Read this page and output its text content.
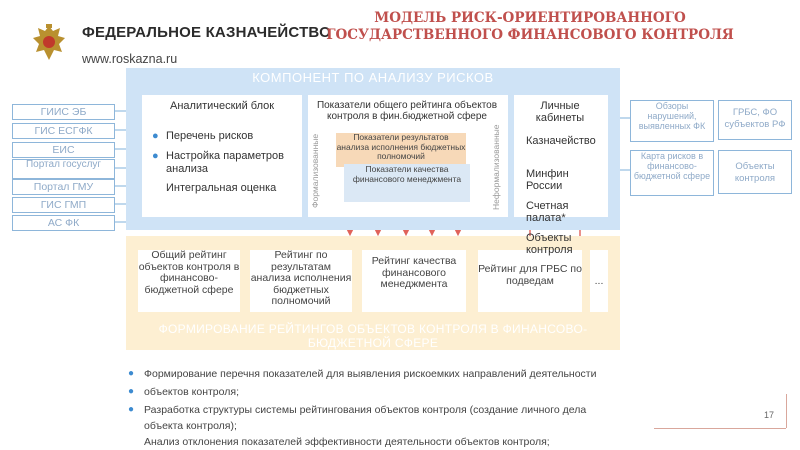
ФЕДЕРАЛЬНОЕ КАЗНАЧЕЙСТВО
www.roskazna.ru
МОДЕЛЬ РИСК-ОРИЕНТИРОВАННОГО
ГОСУДАРСТВЕННОГО ФИНАНСОВОГО КОНТРОЛЯ
ГИИС ЭБ
ГИС ЕСГФК
ЕИС
Портал госуслуг
Портал ГМУ
ГИС ГМП
АС ФК
Обзоры нарушений, выявленных ФК
ГРБС, ФО субъектов РФ
Карта рисков в финансово-бюджетной сфере
Объекты контроля
КОМПОНЕНТ ПО АНАЛИЗУ РИСКОВ
Аналитический блок
● Перечень рисков
● Настройка параметров анализа
Интегральная оценка
Показатели общего рейтинга объектов контроля в фин.бюджетной сфере
Показатели результатов анализа исполнения бюджетных полномочий
Показатели качества финансового менеджмента
Формализованные	Неформализованные
Личные кабинеты
Казначейство
Минфин России
Счетная палата*
Объекты контроля
Общий рейтинг объектов контроля в финансово-бюджетной сфере
Рейтинг по результатам анализа исполнения бюджетных полномочий
Рейтинг качества финансового менеджмента
Рейтинг для ГРБС по подведам	...
ФОРМИРОВАНИЕ РЕЙТИНГОВ ОБЪЕКТОВ КОНТРОЛЯ В ФИНАНСОВО-БЮДЖЕТНОЙ СФЕРЕ
● Формирование перечня показателей для выявления рискоемких направлений деятельности
● объектов контроля;
● Разработка структуры системы рейтингования объектов контроля (создание личного дела
объекта контроля);
Анализ отклонения показателей эффективности деятельности объектов контроля;
17
